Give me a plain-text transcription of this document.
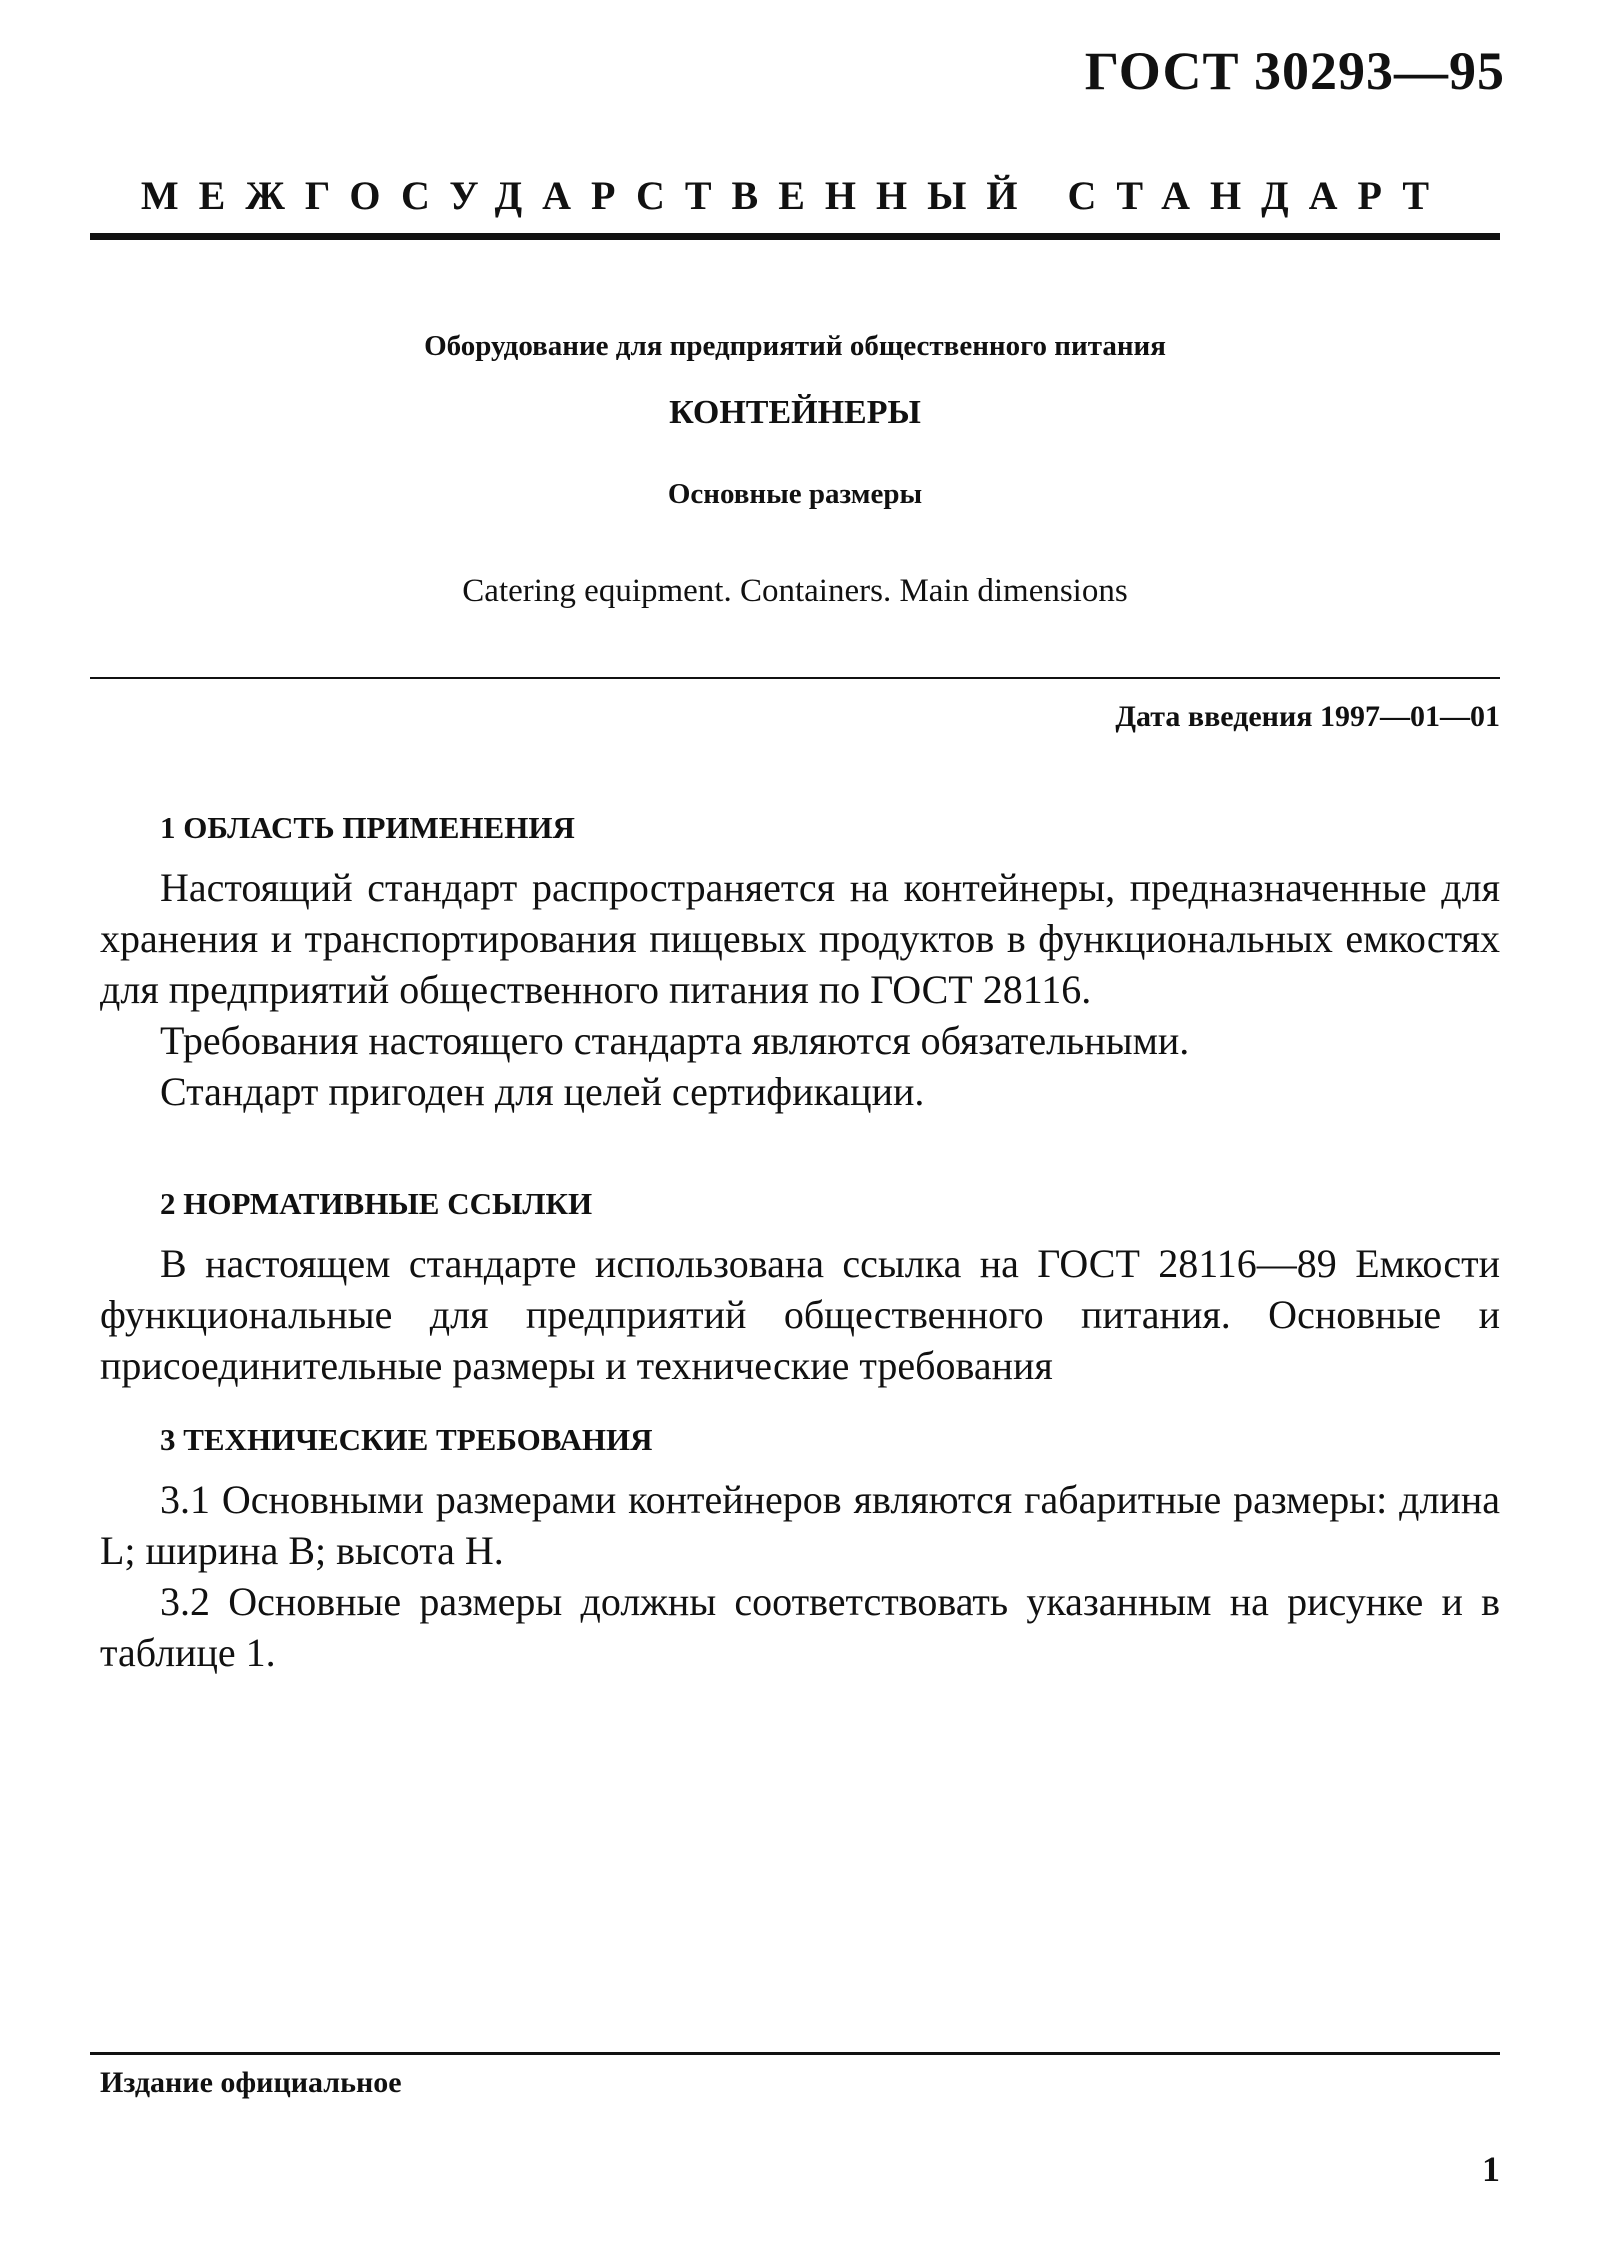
ГОСТ 30293—95
МЕЖГОСУДАРСТВЕННЫЙ СТАНДАРТ
Оборудование для предприятий общественного питания
КОНТЕЙНЕРЫ
Основные размеры
Catering equipment. Containers. Main dimensions
Дата введения 1997—01—01
1 ОБЛАСТЬ ПРИМЕНЕНИЯ

Настоящий стандарт распространяется на контейнеры, предназначенные для хранения и транспортирования пищевых продуктов в функциональных емкостях для предприятий общественного питания по ГОСТ 28116.

Требования настоящего стандарта являются обязательными.

Стандарт пригоден для целей сертификации.

2 НОРМАТИВНЫЕ ССЫЛКИ

В настоящем стандарте использована ссылка на ГОСТ 28116—89 Емкости функциональные для предприятий общественного питания. Основные и присоединительные размеры и технические требования

3 ТЕХНИЧЕСКИЕ ТРЕБОВАНИЯ

3.1 Основными размерами контейнеров являются габаритные размеры: длина L; ширина B; высота H.

3.2 Основные размеры должны соответствовать указанным на рисунке и в таблице 1.

Издание официальное
1
